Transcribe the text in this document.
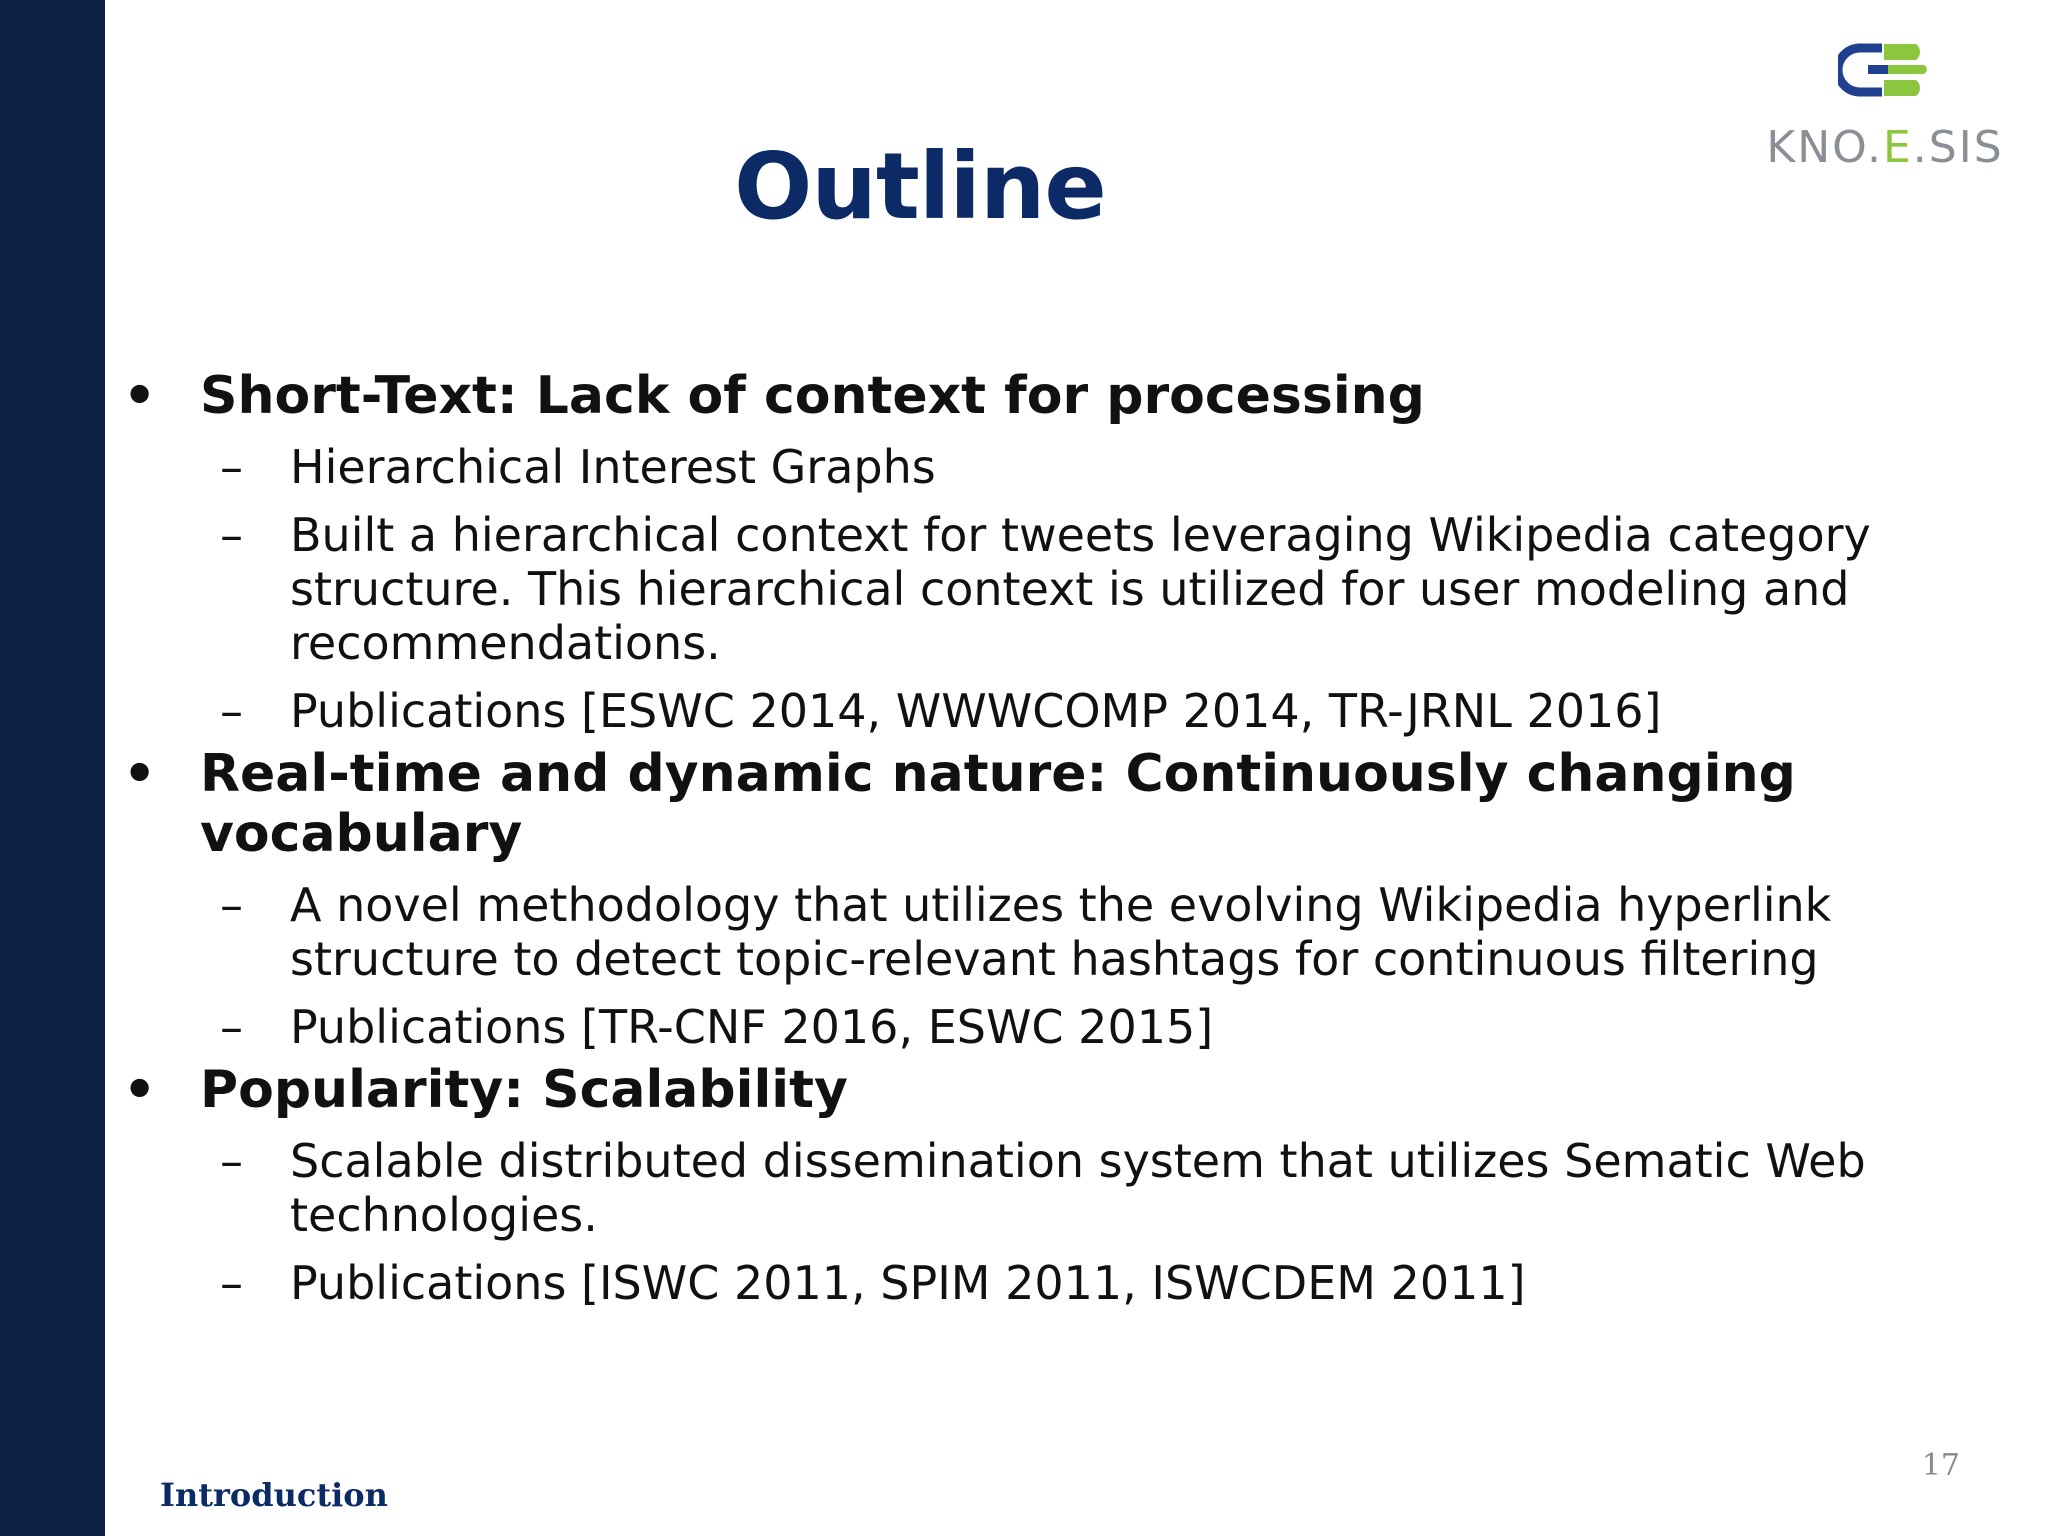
KNO.E.SIS
Outline
• Short-Text: Lack of context for processing
– Hierarchical Interest Graphs
– Built a hierarchical context for tweets leveraging Wikipedia category structure. This hierarchical context is utilized for user modeling and recommendations.
– Publications [ESWC 2014, WWWCOMP 2014, TR-JRNL 2016]
• Real-time and dynamic nature: Continuously changing vocabulary
– A novel methodology that utilizes the evolving Wikipedia hyperlink structure to detect topic-relevant hashtags for continuous filtering
– Publications [TR-CNF 2016, ESWC 2015]
• Popularity: Scalability
– Scalable distributed dissemination system that utilizes Sematic Web technologies.
– Publications [ISWC 2011, SPIM 2011, ISWCDEM 2011]
Introduction
17
